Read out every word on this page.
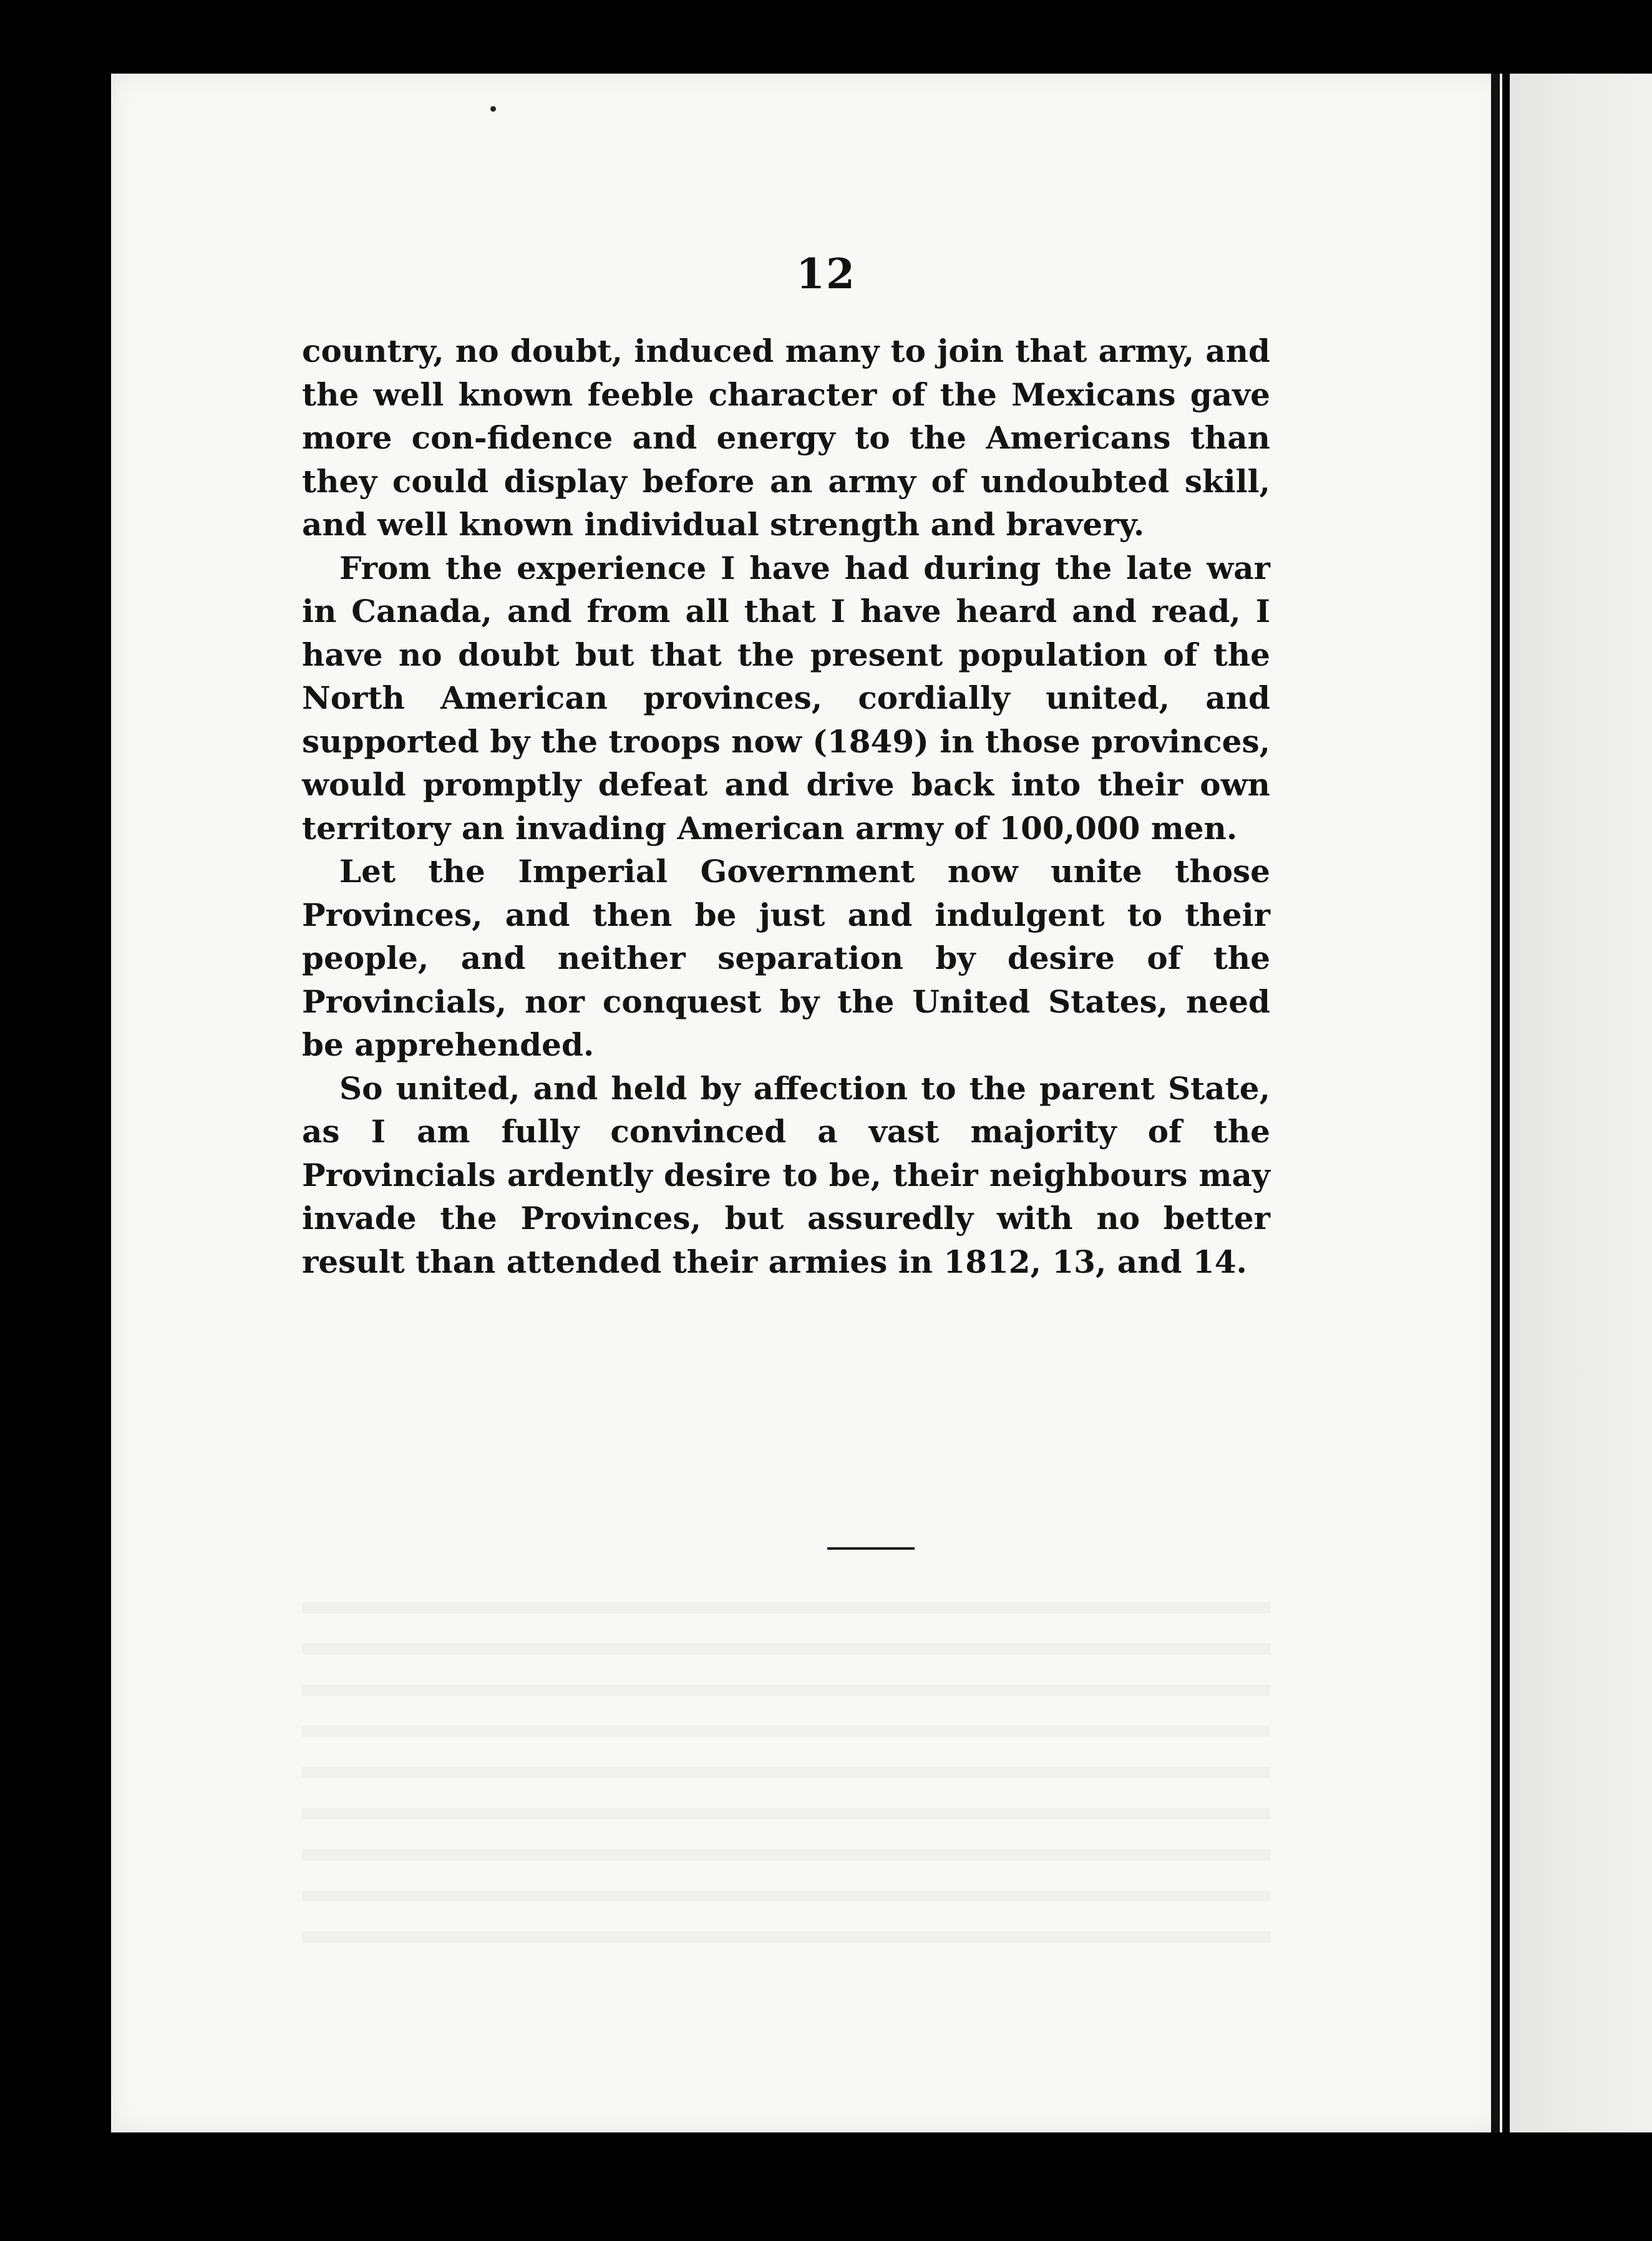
12

country, no doubt, induced many to join that army, and the well known feeble character of the Mexicans gave more con-fidence and energy to the Americans than they could display before an army of undoubted skill, and well known individual strength and bravery.

From the experience I have had during the late war in Canada, and from all that I have heard and read, I have no doubt but that the present population of the North American provinces, cordially united, and supported by the troops now (1849) in those provinces, would promptly defeat and drive back into their own territory an invading American army of 100,000 men.

Let the Imperial Government now unite those Provinces, and then be just and indulgent to their people, and neither separation by desire of the Provincials, nor conquest by the United States, need be apprehended.

So united, and held by affection to the parent State, as I am fully convinced a vast majority of the Provincials ardently desire to be, their neighbours may invade the Provinces, but assuredly with no better result than attended their armies in 1812, 13, and 14.
